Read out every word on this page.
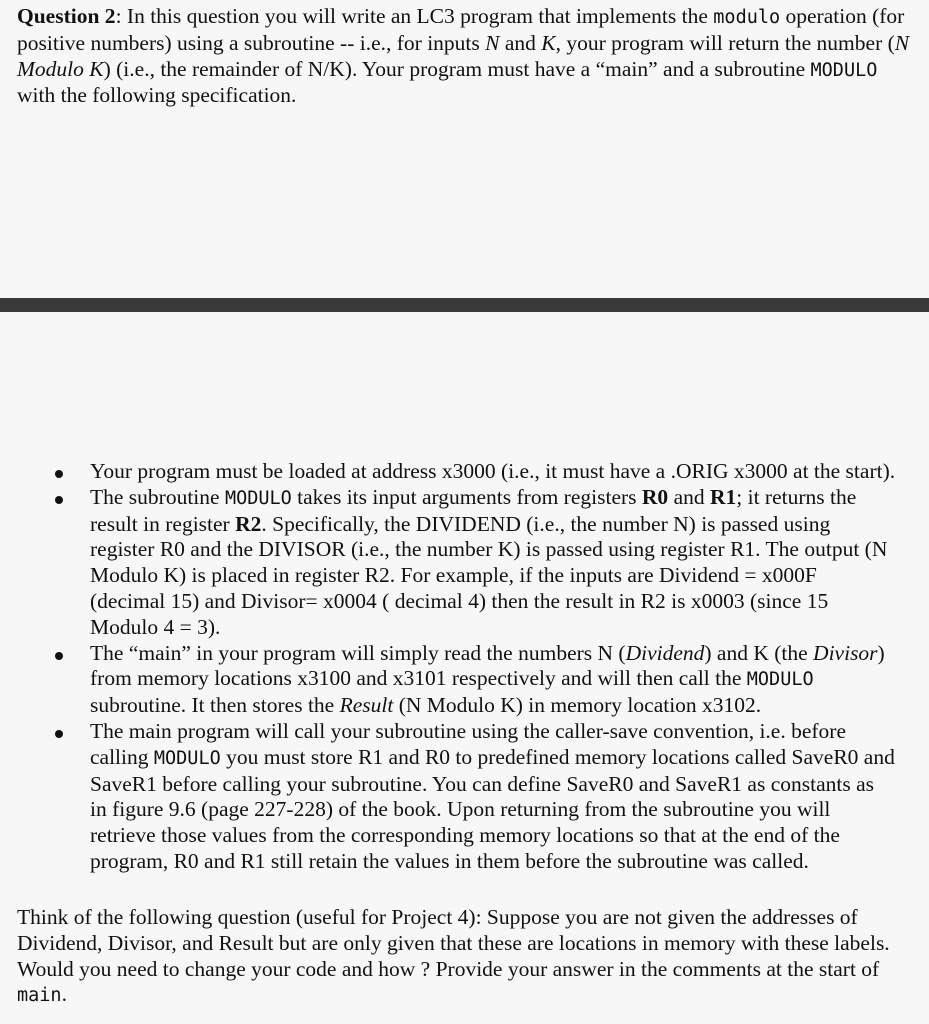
Question 2: In this question you will write an LC3 program that implements the modulo operation (for positive numbers) using a subroutine -- i.e., for inputs N and K, your program will return the number (N Modulo K) (i.e., the remainder of N/K). Your program must have a “main” and a subroutine MODULO with the following specification.

Your program must be loaded at address x3000 (i.e., it must have a .ORIG x3000 at the start).
The subroutine MODULO takes its input arguments from registers R0 and R1; it returns the result in register R2. Specifically, the DIVIDEND (i.e., the number N) is passed using register R0 and the DIVISOR (i.e., the number K) is passed using register R1. The output (N Modulo K) is placed in register R2. For example, if the inputs are Dividend = x000F (decimal 15) and Divisor= x0004 ( decimal 4) then the result in R2 is x0003 (since 15 Modulo 4 = 3).
The “main” in your program will simply read the numbers N (Dividend) and K (the Divisor) from memory locations x3100 and x3101 respectively and will then call the MODULO subroutine. It then stores the Result (N Modulo K) in memory location x3102.
The main program will call your subroutine using the caller-save convention, i.e. before calling MODULO you must store R1 and R0 to predefined memory locations called SaveR0 and SaveR1 before calling your subroutine. You can define SaveR0 and SaveR1 as constants as in figure 9.6 (page 227-228) of the book. Upon returning from the subroutine you will retrieve those values from the corresponding memory locations so that at the end of the program, R0 and R1 still retain the values in them before the subroutine was called.

Think of the following question (useful for Project 4): Suppose you are not given the addresses of Dividend, Divisor, and Result but are only given that these are locations in memory with these labels. Would you need to change your code and how ? Provide your answer in the comments at the start of main.
